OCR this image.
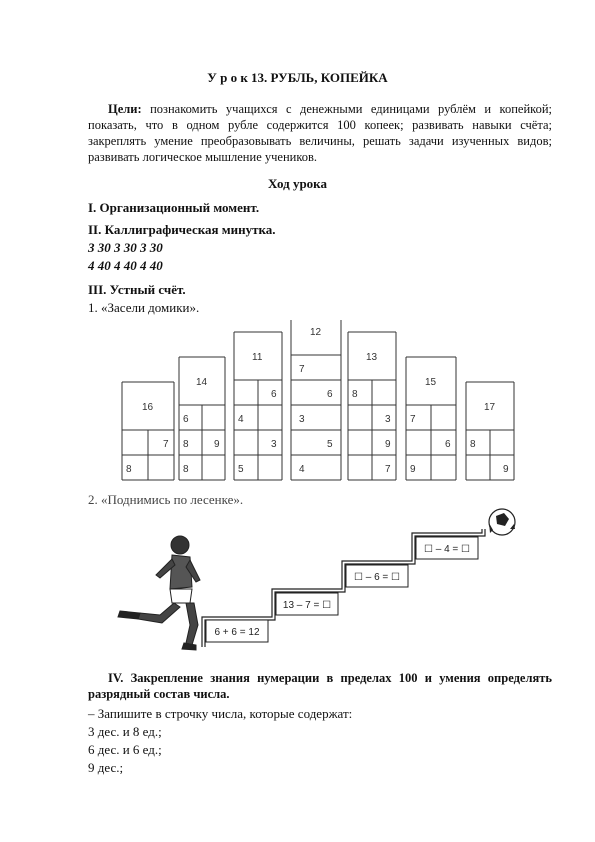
У р о к 13. РУБЛЬ, КОПЕЙКА
Цели: познакомить учащихся с денежными единицами рублём и копейкой; показать, что в одном рубле содержится 100 копеек; развивать навыки счёта; закреплять умение преобразовывать величины, решать задачи изученных видов; развивать логическое мышление учеников.
Ход урока
I. Организационный момент.
II. Каллиграфическая минутка.
3 30 3 30 3 30
4 40 4 40 4 40
III. Устный счёт.
1. «Засели домики».
16
7
8
14
6
8	9
8
11
6
4
3
5
12
7
6
3
5
4
13
8
3
9
7
15
7
6
9
17
8
9
2. «Поднимись по лесенке».
6 + 6 = 12
13 – 7 = ☐
☐ – 6 = ☐
☐ – 4 = ☐
IV. Закрепление знания нумерации в пределах 100 и умения определять разрядный состав числа.
– Запишите в строчку числа, которые содержат:
3 дес. и 8 ед.;
6 дес. и 6 ед.;
9 дес.;
